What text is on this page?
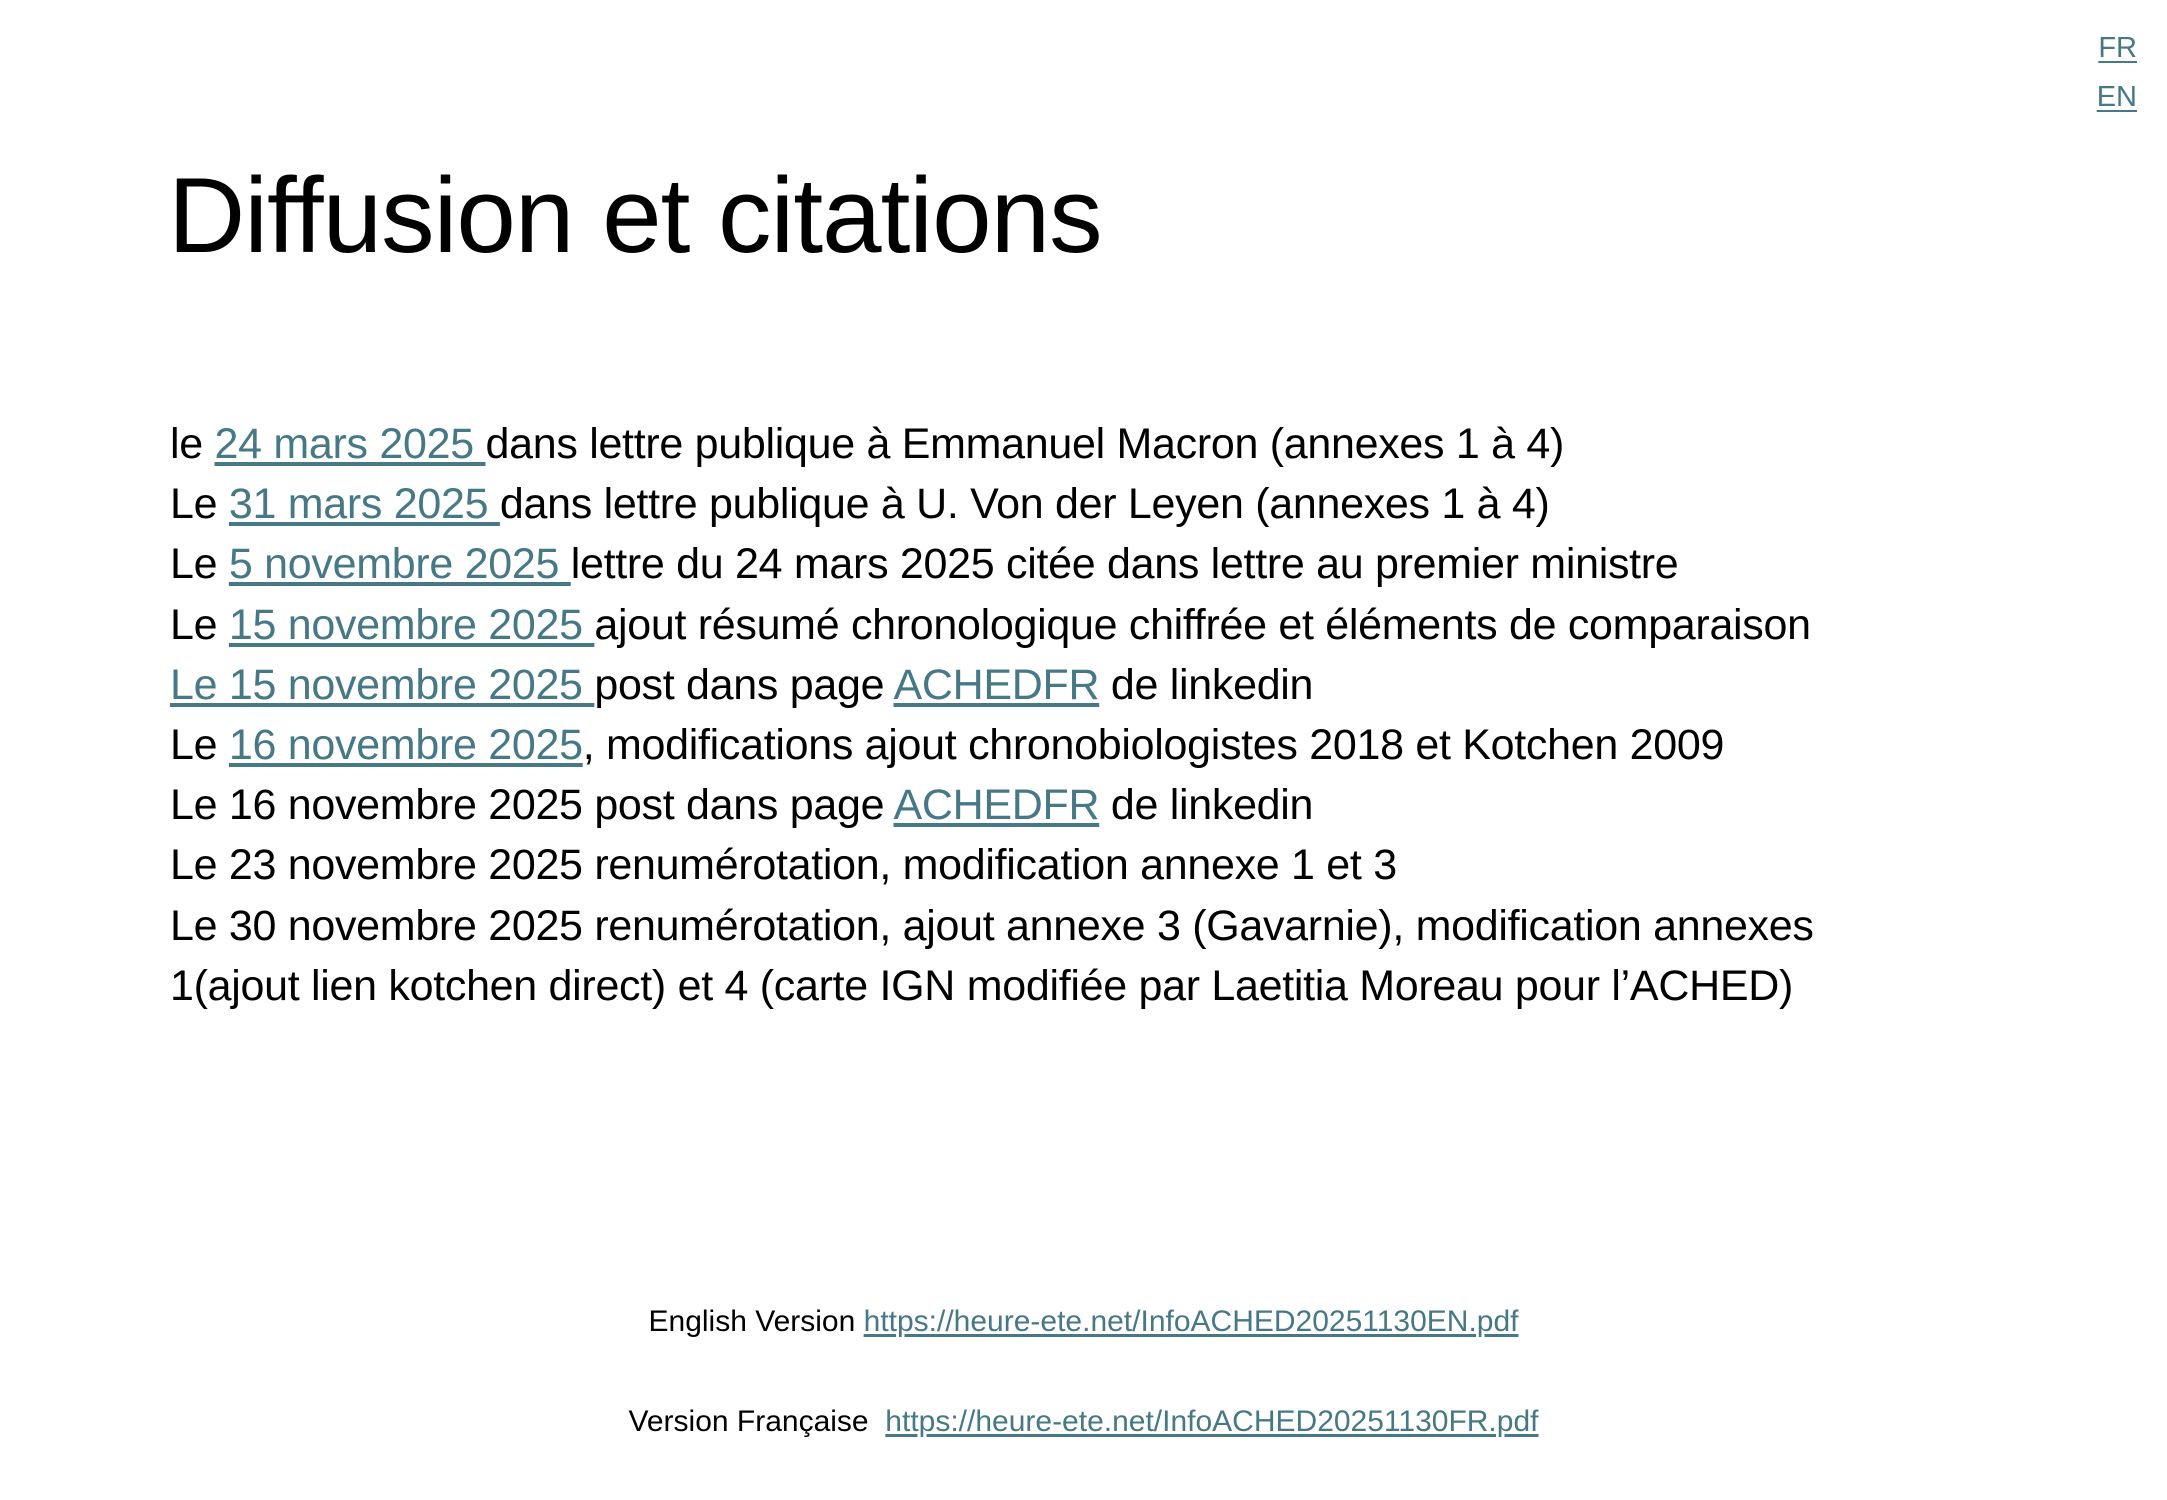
FR
EN
Diffusion et citations
le 24 mars 2025 dans lettre publique à Emmanuel Macron (annexes 1 à 4)
Le 31 mars 2025 dans lettre publique à U. Von der Leyen (annexes 1 à 4)
Le 5 novembre 2025 lettre du 24 mars 2025 citée dans lettre au premier ministre
Le 15 novembre 2025 ajout résumé chronologique chiffrée et éléments de comparaison
Le 15 novembre 2025 post dans page ACHEDFR de linkedin
Le 16 novembre 2025, modifications ajout chronobiologistes 2018 et Kotchen 2009
Le 16 novembre 2025 post dans page ACHEDFR de linkedin
Le 23 novembre 2025 renumérotation, modification annexe 1 et 3
Le 30 novembre 2025 renumérotation, ajout annexe 3 (Gavarnie), modification annexes
1(ajout lien kotchen direct) et 4 (carte IGN modifiée par Laetitia Moreau pour l’ACHED)
English Version https://heure-ete.net/InfoACHED20251130EN.pdf
Version Française  https://heure-ete.net/InfoACHED20251130FR.pdf
